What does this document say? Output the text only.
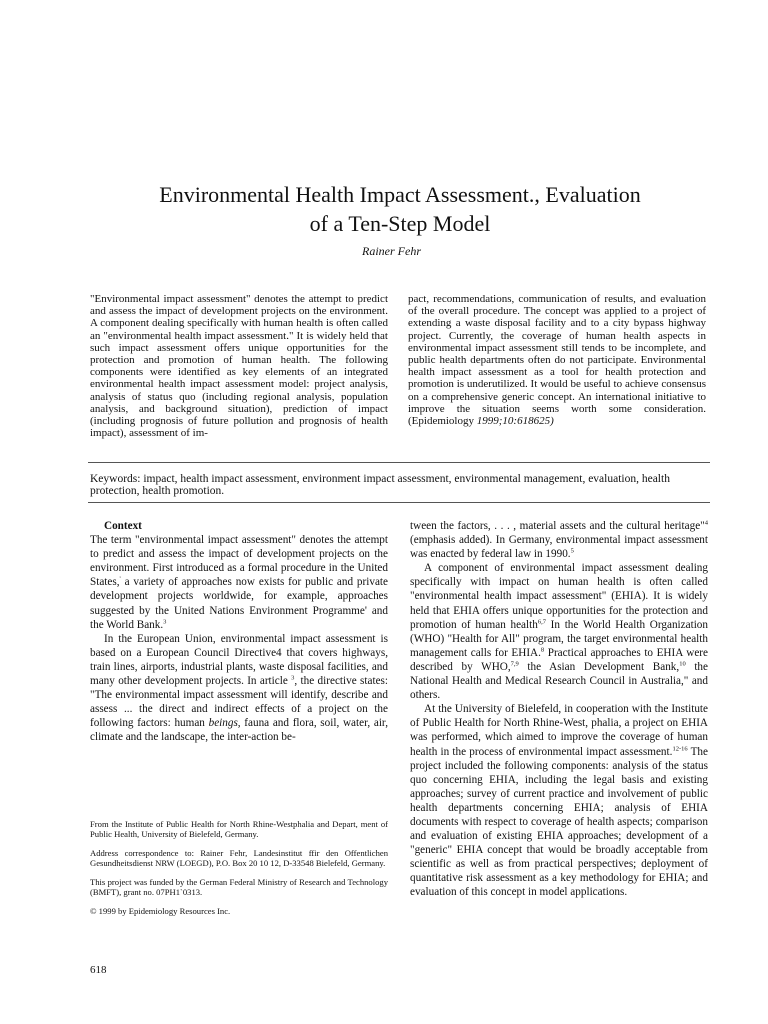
Environmental Health Impact Assessment., Evaluation
of a Ten-Step Model
Rainer Fehr

"Environmental impact assessment" denotes the attempt to predict and assess the impact of development projects on the environment. A component dealing specifically with human health is often called an "environmental health impact assessment." It is widely held that such impact assessment offers unique opportunities for the protection and promotion of human health. The following components were identified as key elements of an integrated environmental health impact assessment model: project analysis, analysis of status quo (including regional analysis, population analysis, and background situation), prediction of impact (including prognosis of future pollution and prognosis of health impact), assessment of im-

pact, recommendations, communication of results, and evaluation of the overall procedure. The concept was applied to a project of extending a waste disposal facility and to a city bypass highway project. Currently, the coverage of human health aspects in environmental impact assessment still tends to be incomplete, and public health departments often do not participate. Environmental health impact assessment as a tool for health protection and promotion is underutilized. It would be useful to achieve consensus on a comprehensive generic concept. An international initiative to improve the situation seems worth some consideration. (Epidemiology 1999;10:618625)

Keywords: impact, health impact assessment, environment impact assessment, environmental management, evaluation, health protection, health promotion.

Context

The term "environmental impact assessment" denotes the attempt to predict and assess the impact of development projects on the environment. First introduced as a formal procedure in the United States,' a variety of approaches now exists for public and private development projects worldwide, for example, approaches suggested by the United Nations Environment Programme' and the World Bank.$^3$

In the European Union, environmental impact assessment is based on a European Council Directive4 that covers highways, train lines, airports, industrial plants, waste disposal facilities, and many other development projects. In article $^3$, the directive states: "The environmental impact assessment will identify, describe and assess ... the direct and indirect effects of a project on the following factors: human beings, fauna and flora, soil, water, air, climate and the landscape, the inter-action be-

From the Institute of Public Health for North Rhine-Westphalia and Depart, ment of Public Health, University of Bielefeld, Germany.

Address correspondence to: Rainer Fehr, Landesinstitut ffir den Offentlichen Gesundheitsdienst NRW (LOEGD), P.O. Box 20 10 12, D-33548 Bielefeld, Germany.

This project was funded by the German Federal Ministry of Research and Technology (BMFT), grant no. 07PH1`0313.

© 1999 by Epidemiology Resources Inc.

tween the factors, . . . , material assets and the cultural heritage"$^4$ (emphasis added). In Germany, environmental impact assessment was enacted by federal law in 1990.$^5$

A component of environmental impact assessment dealing specifically with impact on human health is often called "environmental health impact assessment" (EHIA). It is widely held that EHIA offers unique opportunities for the protection and promotion of human health$^{6,7}$ In the World Health Organization (WHO) "Health for All" program, the target environmental health management calls for EHIA.$^8$ Practical approaches to EHIA were described by WHO,$^{7,9}$ the Asian Development Bank,$^{10}$ the National Health and Medical Research Council in Australia," and others.

At the University of Bielefeld, in cooperation with the Institute of Public Health for North Rhine-West, phalia, a project on EHIA was performed, which aimed to improve the coverage of human health in the process of environmental impact assessment.$^{12-16}$ The project included the following components: analysis of the status quo concerning EHIA, including the legal basis and existing approaches; survey of current practice and involvement of public health departments concerning EHIA; analysis of EHIA documents with respect to coverage of health aspects; comparison and evaluation of existing EHIA approaches; development of a "generic" EHIA concept that would be broadly acceptable from scientific as well as from practical perspectives; deployment of quantitative risk assessment as a key methodology for EHIA; and evaluation of this concept in model applications.

618
